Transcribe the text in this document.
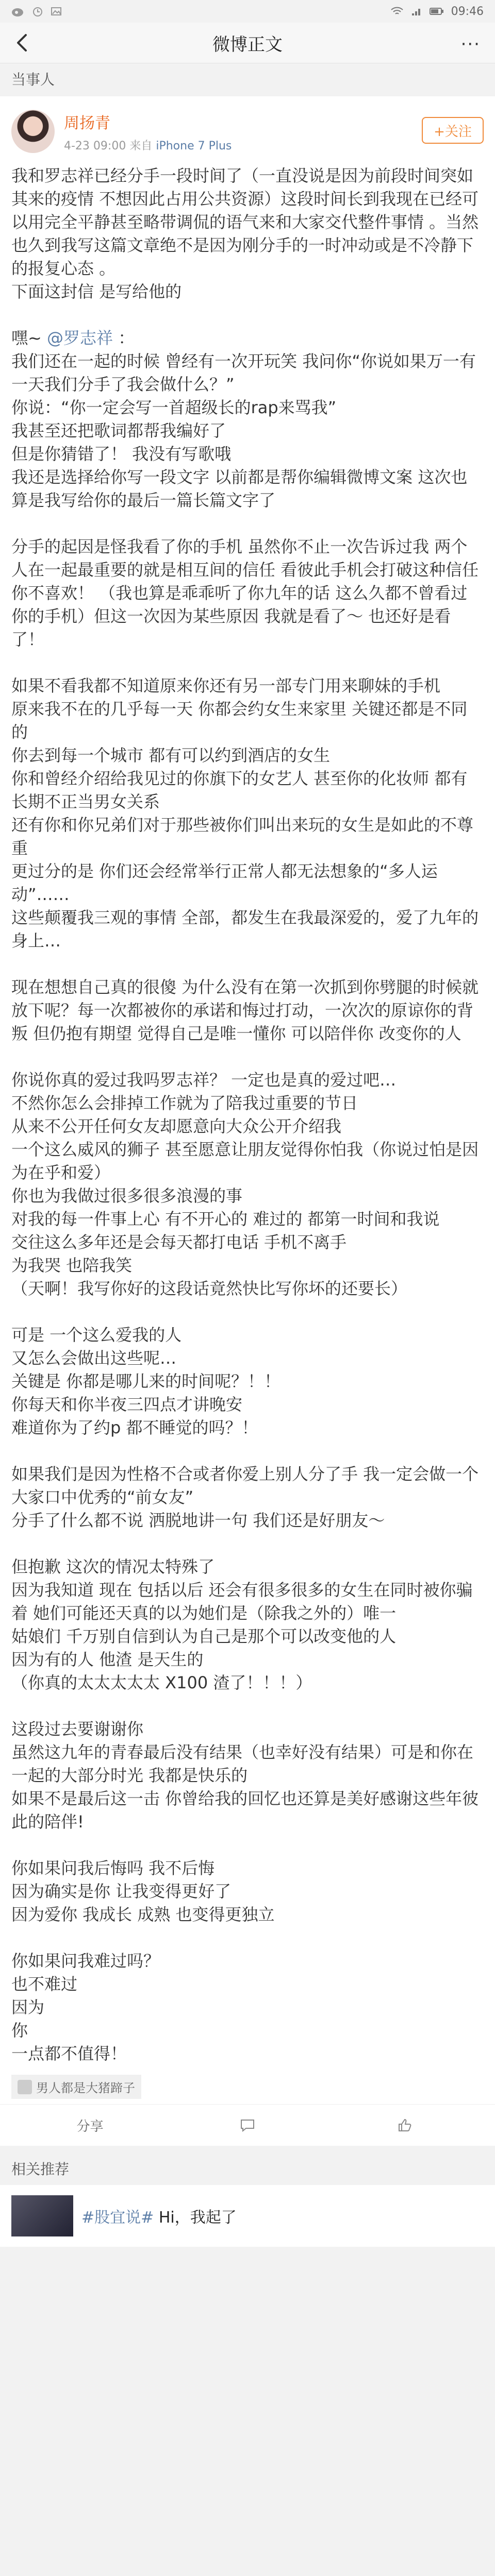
09:46
微博正文	···
当事人
周扬青
4-23 09:00 来自 iPhone 7 Plus
+关注

我和罗志祥已经分手一段时间了（一直没说是因为前段时间突如其来的疫情 不想因此占用公共资源）这段时间长到我现在已经可以用完全平静甚至略带调侃的语气来和大家交代整件事情 。当然也久到我写这篇文章绝不是因为刚分手的一时冲动或是不冷静下的报复心态 。

下面这封信 是写给他的

嘿~ @罗志祥 ：

我们还在一起的时候 曾经有一次开玩笑 我问你“你说如果万一有一天我们分手了我会做什么？”

你说：“你一定会写一首超级长的rap来骂我”

我甚至还把歌词都帮我编好了

但是你猜错了！ 我没有写歌哦

我还是选择给你写一段文字 以前都是帮你编辑微博文案 这次也算是我写给你的最后一篇长篇文字了

分手的起因是怪我看了你的手机 虽然你不止一次告诉过我 两个人在一起最重要的就是相互间的信任 看彼此手机会打破这种信任 你不喜欢！ （我也算是乖乖听了你九年的话 这么久都不曾看过你的手机）但这一次因为某些原因 我就是看了～ 也还好是看了！

如果不看我都不知道原来你还有另一部专门用来聊妹的手机

原来我不在的几乎每一天 你都会约女生来家里 关键还都是不同的

你去到每一个城市 都有可以约到酒店的女生

你和曾经介绍给我见过的你旗下的女艺人 甚至你的化妆师 都有长期不正当男女关系

还有你和你兄弟们对于那些被你们叫出来玩的女生是如此的不尊重

更过分的是 你们还会经常举行正常人都无法想象的“多人运动”……

这些颠覆我三观的事情 全部，都发生在我最深爱的，爱了九年的身上…

现在想想自己真的很傻 为什么没有在第一次抓到你劈腿的时候就放下呢？每一次都被你的承诺和悔过打动，一次次的原谅你的背叛 但仍抱有期望 觉得自己是唯一懂你 可以陪伴你 改变你的人

你说你真的爱过我吗罗志祥？ 一定也是真的爱过吧…

不然你怎么会排掉工作就为了陪我过重要的节日

从来不公开任何女友却愿意向大众公开介绍我

一个这么威风的狮子 甚至愿意让朋友觉得你怕我（你说过怕是因为在乎和爱）

你也为我做过很多很多浪漫的事

对我的每一件事上心 有不开心的 难过的 都第一时间和我说

交往这么多年还是会每天都打电话 手机不离手

为我哭 也陪我笑

（天啊！我写你好的这段话竟然快比写你坏的还要长）

可是 一个这么爱我的人

又怎么会做出这些呢…

关键是 你都是哪儿来的时间呢？！！

你每天和你半夜三四点才讲晚安

难道你为了约p 都不睡觉的吗？！

如果我们是因为性格不合或者你爱上别人分了手 我一定会做一个大家口中优秀的“前女友”

分手了什么都不说 洒脱地讲一句 我们还是好朋友～

但抱歉 这次的情况太特殊了

因为我知道 现在 包括以后 还会有很多很多的女生在同时被你骗着 她们可能还天真的以为她们是（除我之外的）唯一

姑娘们 千万别自信到认为自己是那个可以改变他的人

因为有的人 他渣 是天生的

（你真的太太太太太 X100 渣了！！！）

这段过去要谢谢你

虽然这九年的青春最后没有结果（也幸好没有结果）可是和你在一起的大部分时光 我都是快乐的

如果不是最后这一击 你曾给我的回忆也还算是美好感谢这些年彼此的陪伴!

你如果问我后悔吗 我不后悔

因为确实是你 让我变得更好了

因为爱你 我成长 成熟 也变得更独立

你如果问我难过吗？

也不难过

因为

你

一点都不值得！

男人都是大猪蹄子
分享
相关推荐
#股宜说# Hi，我起了
